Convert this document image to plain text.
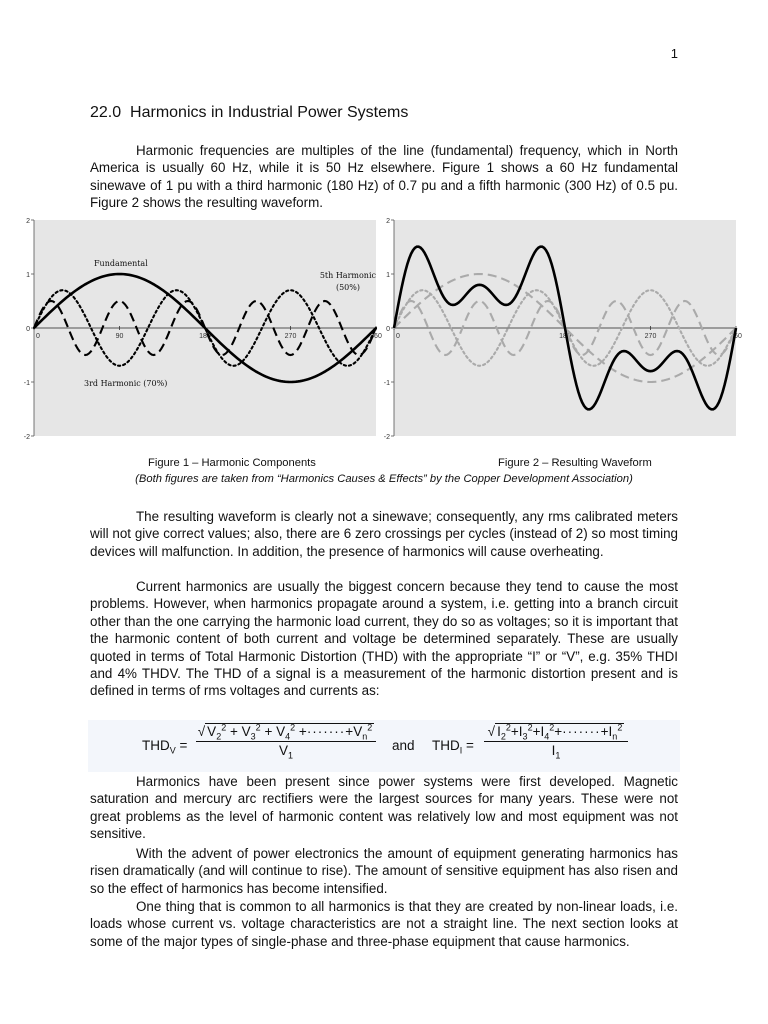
1
22.0  Harmonics in Industrial Power Systems
Harmonic frequencies are multiples of the line (fundamental) frequency, which in North America is usually 60 Hz, while it is 50 Hz elsewhere. Figure 1 shows a 60 Hz fundamental sinewave of 1 pu with a third harmonic (180 Hz) of 0.7 pu and a fifth harmonic (300 Hz) of 0.5 pu. Figure 2 shows the resulting waveform.
2
1
0
-1
-2
0	90	180	270	360
Fundamental
5th Harmonic
(50%)
3rd Harmonic (70%)
2
1
0
-1
-2
0	180	270	360
Figure 1 – Harmonic Components	Figure 2 – Resulting Waveform
(Both figures are taken from “Harmonics Causes & Effects” by the Copper Development Association)
The resulting waveform is clearly not a sinewave; consequently, any rms calibrated meters will not give correct values; also, there are 6 zero crossings per cycles (instead of 2) so most timing devices will malfunction. In addition, the presence of harmonics will cause overheating.
Current harmonics are usually the biggest concern because they tend to cause the most problems. However, when harmonics propagate around a system, i.e. getting into a branch circuit other than the one carrying the harmonic load current, they do so as voltages; so it is important that the harmonic content of both current and voltage be determined separately. These are usually quoted in terms of Total Harmonic Distortion (THD) with the appropriate “I” or “V”, e.g. 35% THDI and 4% THDV. The THD of a signal is a measurement of the harmonic distortion present and is defined in terms of rms voltages and currents as:
$THD_V$ =
√ $V_2^2 + V_3^2 + V_4^2 +\cdot\cdot\cdot\cdot\cdot\cdot\cdot+V_n^2$
$V_1$
and $THD_I$ =
√ $I_2^2+I_3^2+I_4^2+\cdot\cdot\cdot\cdot\cdot\cdot\cdot+I_n^2$
$I_1$
Harmonics have been present since power systems were first developed. Magnetic saturation and mercury arc rectifiers were the largest sources for many years. These were not great problems as the level of harmonic content was relatively low and most equipment was not sensitive.
With the advent of power electronics the amount of equipment generating harmonics has risen dramatically (and will continue to rise). The amount of sensitive equipment has also risen and so the effect of harmonics has become intensified.
One thing that is common to all harmonics is that they are created by non-linear loads, i.e. loads whose current vs. voltage characteristics are not a straight line. The next section looks at some of the major types of single-phase and three-phase equipment that cause harmonics.
